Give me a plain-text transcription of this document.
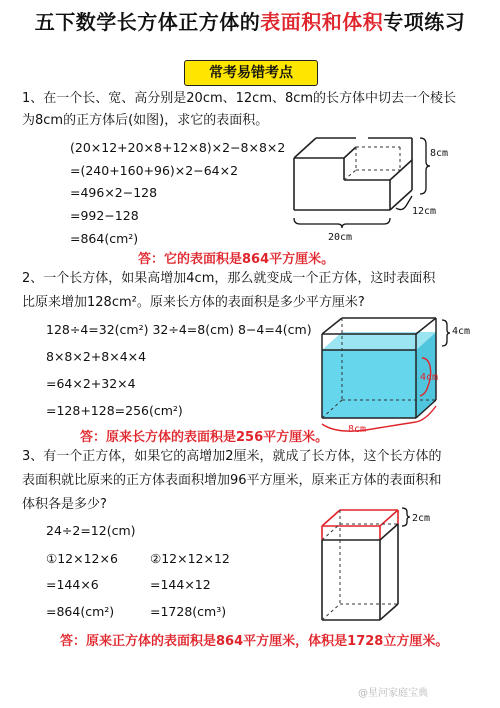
五下数学长方体正方体的表面积和体积专项练习
常考易错考点
1、在一个长、宽、高分别是20cm、12cm、8cm的长方体中切去一个棱长
为8cm的正方体后(如图)，求它的表面积。
(20×12+20×8+12×8)×2−8×8×2
=(240+160+96)×2−64×2
=496×2−128
=992−128
=864(cm²)
答：它的表面积是864平方厘米。
8cm
12cm
20cm
2、一个长方体，如果高增加4cm，那么就变成一个正方体，这时表面积
比原来增加128cm²。原来长方体的表面积是多少平方厘米?
128÷4=32(cm²) 32÷4=8(cm) 8−4=4(cm)
8×8×2+8×4×4
=64×2+32×4
=128+128=256(cm²)
答：原来长方体的表面积是256平方厘米。
4cm
4cm
8cm
3、有一个正方体，如果它的高增加2厘米，就成了长方体，这个长方体的
表面积就比原来的正方体表面积增加96平方厘米，原来正方体的表面积和
体积各是多少?
24÷2=12(cm)
①12×12×6
=144×6
=864(cm²)
②12×12×12
=144×12
=1728(cm³)
答：原来正方体的表面积是864平方厘米，体积是1728立方厘米。
2cm
@星河家庭宝典
